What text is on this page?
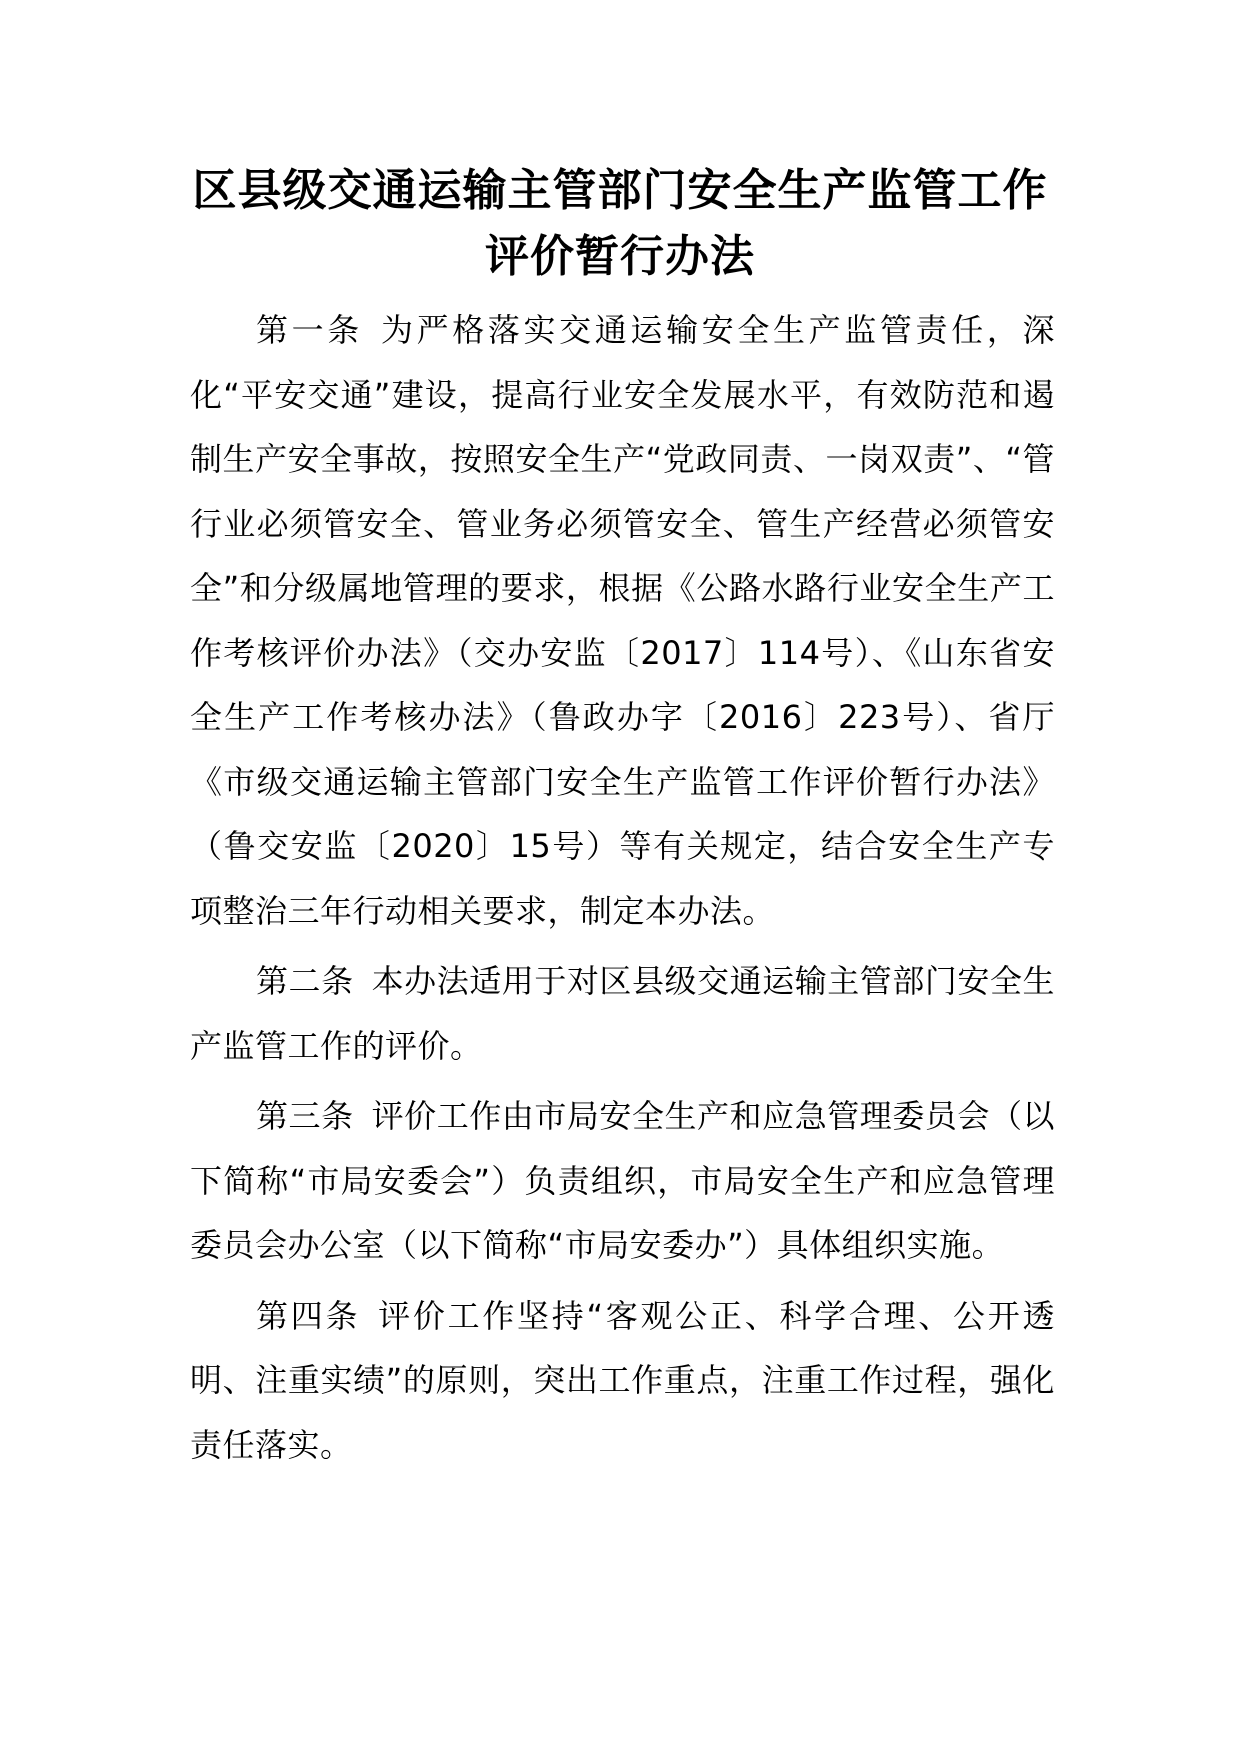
区县级交通运输主管部门安全生产监管工作评价暂行办法

第一条 为严格落实交通运输安全生产监管责任，深化“平安交通”建设，提高行业安全发展水平，有效防范和遏制生产安全事故，按照安全生产“党政同责、一岗双责”、“管行业必须管安全、管业务必须管安全、管生产经营必须管安全”和分级属地管理的要求，根据《公路水路行业安全生产工作考核评价办法》（交办安监〔2017〕114号）、《山东省安全生产工作考核办法》（鲁政办字〔2016〕223号）、省厅《市级交通运输主管部门安全生产监管工作评价暂行办法》（鲁交安监〔2020〕15号）等有关规定，结合安全生产专项整治三年行动相关要求，制定本办法。

第二条 本办法适用于对区县级交通运输主管部门安全生产监管工作的评价。

第三条 评价工作由市局安全生产和应急管理委员会（以下简称“市局安委会”）负责组织，市局安全生产和应急管理委员会办公室（以下简称“市局安委办”）具体组织实施。

第四条 评价工作坚持“客观公正、科学合理、公开透明、注重实绩”的原则，突出工作重点，注重工作过程，强化责任落实。
